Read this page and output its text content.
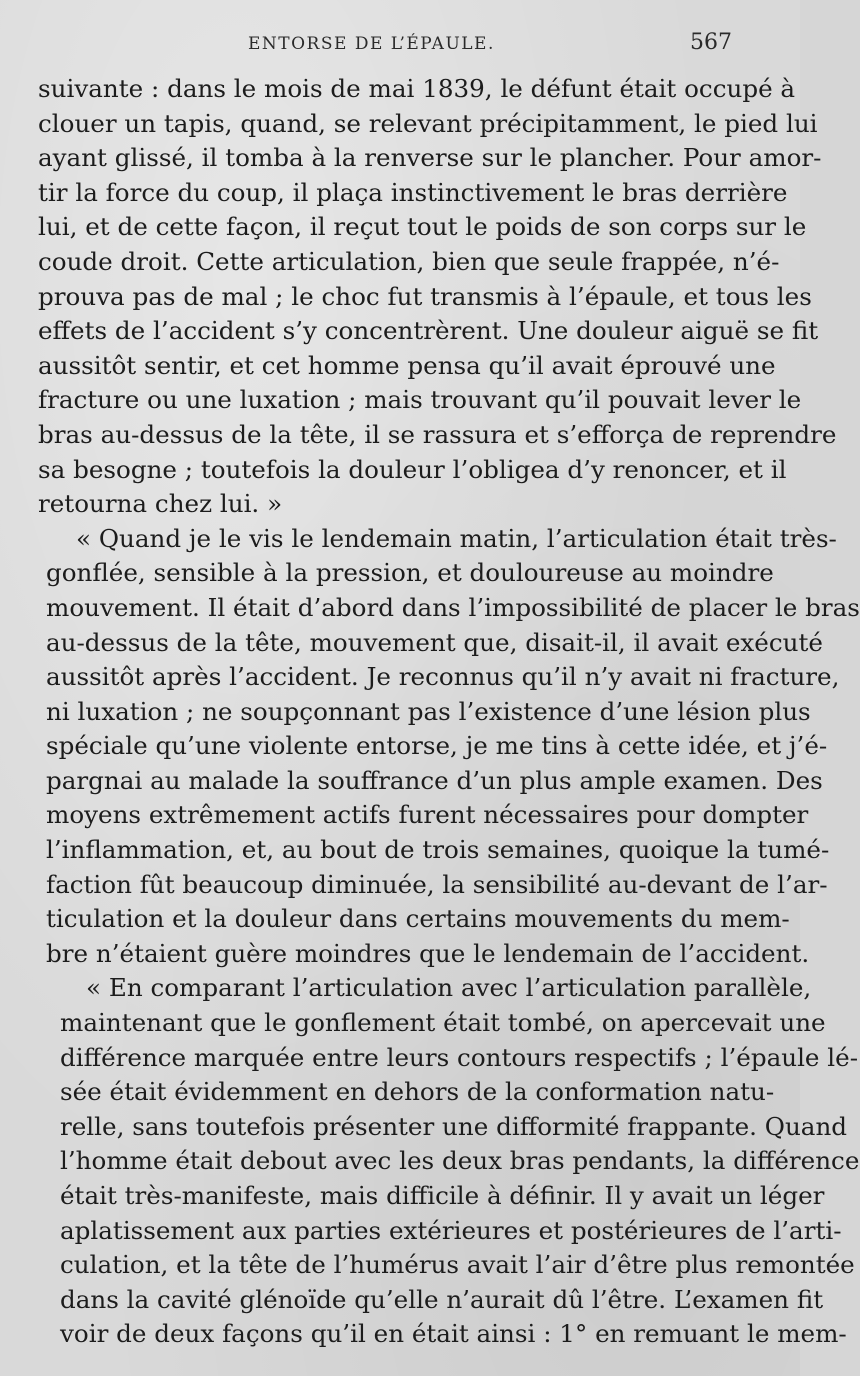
ENTORSE DE L’ÉPAULE.	567
suivante : dans le mois de mai 1839, le défunt était occupé à
clouer un tapis, quand, se relevant précipitamment, le pied lui
ayant glissé, il tomba à la renverse sur le plancher. Pour amor-
tir la force du coup, il plaça instinctivement le bras derrière
lui, et de cette façon, il reçut tout le poids de son corps sur le
coude droit. Cette articulation, bien que seule frappée, n’é-
prouva pas de mal ; le choc fut transmis à l’épaule, et tous les
effets de l’accident s’y concentrèrent. Une douleur aiguë se fit
aussitôt sentir, et cet homme pensa qu’il avait éprouvé une
fracture ou une luxation ; mais trouvant qu’il pouvait lever le
bras au-dessus de la tête, il se rassura et s’efforça de reprendre
sa besogne ; toutefois la douleur l’obligea d’y renoncer, et il
retourna chez lui. »
« Quand je le vis le lendemain matin, l’articulation était très-
gonflée, sensible à la pression, et douloureuse au moindre
mouvement. Il était d’abord dans l’impossibilité de placer le bras
au-dessus de la tête, mouvement que, disait-il, il avait exécuté
aussitôt après l’accident. Je reconnus qu’il n’y avait ni fracture,
ni luxation ; ne soupçonnant pas l’existence d’une lésion plus
spéciale qu’une violente entorse, je me tins à cette idée, et j’é-
pargnai au malade la souffrance d’un plus ample examen. Des
moyens extrêmement actifs furent nécessaires pour dompter
l’inflammation, et, au bout de trois semaines, quoique la tumé-
faction fût beaucoup diminuée, la sensibilité au-devant de l’ar-
ticulation et la douleur dans certains mouvements du mem-
bre n’étaient guère moindres que le lendemain de l’accident.
« En comparant l’articulation avec l’articulation parallèle,
maintenant que le gonflement était tombé, on apercevait une
différence marquée entre leurs contours respectifs ; l’épaule lé-
sée était évidemment en dehors de la conformation natu-
relle, sans toutefois présenter une difformité frappante. Quand
l’homme était debout avec les deux bras pendants, la différence
était très-manifeste, mais difficile à définir. Il y avait un léger
aplatissement aux parties extérieures et postérieures de l’arti-
culation, et la tête de l’humérus avait l’air d’être plus remontée
dans la cavité glénoïde qu’elle n’aurait dû l’être. L’examen fit
voir de deux façons qu’il en était ainsi : 1° en remuant le mem-
